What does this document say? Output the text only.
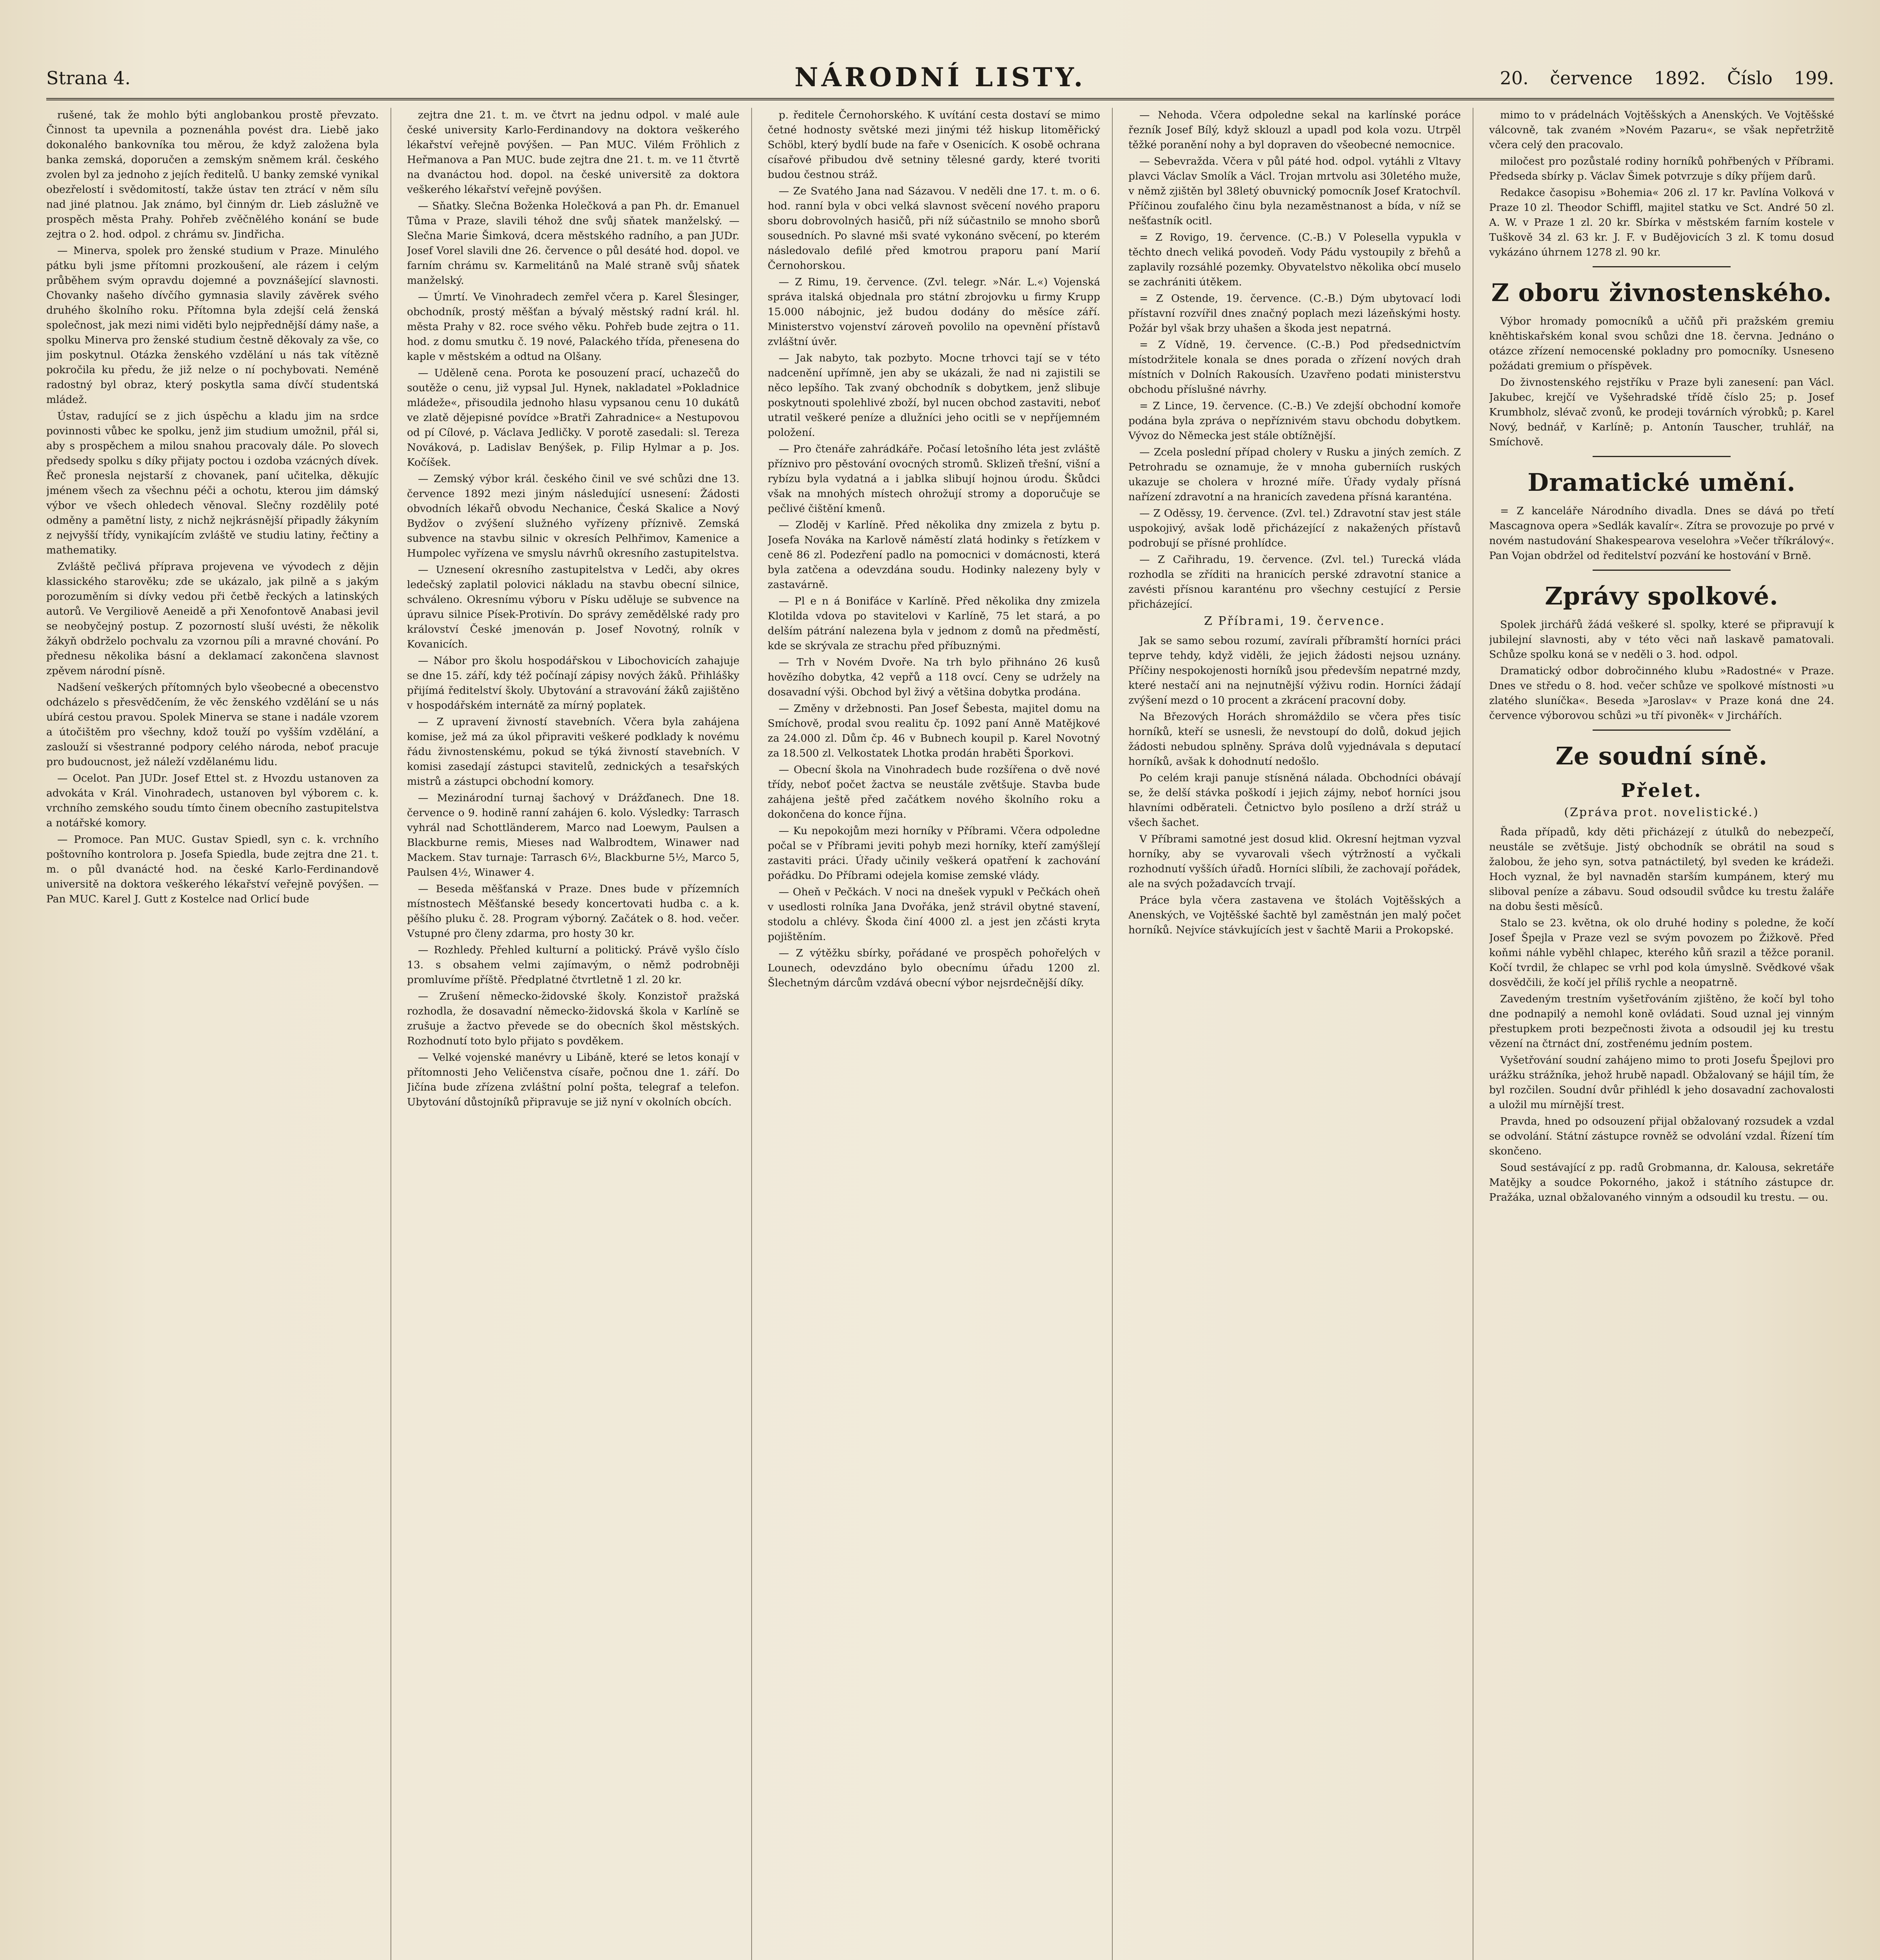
Strana 4.	NÁRODNÍ LISTY.	20. července 1892. Číslo 199.

rušené, tak že mohlo býti anglobankou prostě převzato. Činnost ta upevnila a poznenáhla povést dra. Liebě jako dokonalého bankovníka tou měrou, že když založena byla banka zemská, doporučen a zemským sněmem král. českého zvolen byl za jednoho z jejích ředitelů. U banky zemské vynikal obezřelostí i svědomitostí, takže ústav ten ztrácí v něm sílu nad jiné platnou. Jak známo, byl činným dr. Lieb záslužně ve prospěch města Prahy. Pohřeb zvěčnělého konání se bude zejtra o 2. hod. odpol. z chrámu sv. Jindřicha.

— Minerva, spolek pro ženské studium v Praze. Minulého pátku byli jsme přítomni prozkoušení, ale rázem i celým průběhem svým opravdu dojemné a povznášející slavnosti. Chovanky našeho dívčího gymnasia slavily závěrek svého druhého školního roku. Přítomna byla zdejší celá ženská společnost, jak mezi nimi viděti bylo nejpřednější dámy naše, a spolku Minerva pro ženské studium čestně děkovaly za vše, co jim poskytnul. Otázka ženského vzdělání u nás tak vítězně pokročila ku předu, že již nelze o ní pochybovati. Neméně radostný byl obraz, který poskytla sama dívčí studentská mládež.

Ústav, radující se z jich úspěchu a kladu jim na srdce povinnosti vůbec ke spolku, jenž jim studium umožnil, přál si, aby s prospěchem a milou snahou pracovaly dále. Po slovech předsedy spolku s díky přijaty poctou i ozdoba vzácných dívek. Řeč pronesla nejstarší z chovanek, paní učitelka, děkujíc jménem všech za všechnu péči a ochotu, kterou jim dámský výbor ve všech ohledech věnoval. Slečny rozdělily poté odměny a pamětní listy, z nichž nejkrásnější připadly žákyním z nejvyšší třídy, vynikajícím zvláště ve studiu latiny, řečtiny a mathematiky.

Zvláště pečlivá příprava projevena ve vývodech z dějin klassického starověku; zde se ukázalo, jak pilně a s jakým porozuměním si dívky vedou při četbě řeckých a latinských autorů. Ve Vergiliově Aeneidě a při Xenofontově Anabasi jevil se neobyčejný postup. Z pozorností sluší uvésti, že několik žákyň obdrželo pochvalu za vzornou píli a mravné chování. Po přednesu několika básní a deklamací zakončena slavnost zpěvem národní písně.

Nadšení veškerých přítomných bylo všeobecné a obecenstvo odcházelo s přesvědčením, že věc ženského vzdělání se u nás ubírá cestou pravou. Spolek Minerva se stane i nadále vzorem a útočištěm pro všechny, kdož touží po vyšším vzdělání, a zaslouží si všestranné podpory celého národa, neboť pracuje pro budoucnost, jež náleží vzdělanému lidu.

— Ocelot. Pan JUDr. Josef Ettel st. z Hvozdu ustanoven za advokáta v Král. Vinohradech, ustanoven byl výborem c. k. vrchního zemského soudu tímto činem obecního zastupitelstva a notářské komory.

— Promoce. Pan MUC. Gustav Spiedl, syn c. k. vrchního poštovního kontrolora p. Josefa Spiedla, bude zejtra dne 21. t. m. o půl dvanácté hod. na české Karlo-Ferdinandově universitě na doktora veškerého lékařství veřejně povýšen. — Pan MUC. Karel J. Gutt z Kostelce nad Orlicí bude

zejtra dne 21. t. m. ve čtvrt na jednu odpol. v malé aule české university Karlo-Ferdinandovy na doktora veškerého lékařství veřejně povýšen. — Pan MUC. Vilém Fröhlich z Heřmanova a Pan MUC. bude zejtra dne 21. t. m. ve 11 čtvrtě na dvanáctou hod. dopol. na české universitě za doktora veškerého lékařství veřejně povýšen.

— Sňatky. Slečna Boženka Holečková a pan Ph. dr. Emanuel Tůma v Praze, slavili téhož dne svůj sňatek manželský. — Slečna Marie Šimková, dcera městského radního, a pan JUDr. Josef Vorel slavili dne 26. července o půl desáté hod. dopol. ve farním chrámu sv. Karmelitánů na Malé straně svůj sňatek manželský.

— Úmrtí. Ve Vinohradech zemřel včera p. Karel Šlesinger, obchodník, prostý měšťan a bývalý městský radní král. hl. města Prahy v 82. roce svého věku. Pohřeb bude zejtra o 11. hod. z domu smutku č. 19 nové, Palackého třída, přenesena do kaple v městském a odtud na Olšany.

— Uděleně cena. Porota ke posouzení prací, uchazečů do soutěže o cenu, již vypsal Jul. Hynek, nakladatel »Pokladnice mládeže«, přisoudila jednoho hlasu vypsanou cenu 10 dukátů ve zlatě dějepisné povídce »Bratři Zahradnice« a Nestupovou od pí Cílové, p. Václava Jedličky. V porotě zasedali: sl. Tereza Nováková, p. Ladislav Benýšek, p. Filip Hylmar a p. Jos. Kočíšek.

— Zemský výbor král. českého činil ve své schůzi dne 13. července 1892 mezi jiným následující usnesení: Žádosti obvodních lékařů obvodu Nechanice, Česká Skalice a Nový Bydžov o zvýšení služného vyřízeny příznivě. Zemská subvence na stavbu silnic v okresích Pelhřimov, Kamenice a Humpolec vyřízena ve smyslu návrhů okresního zastupitelstva.

— Uznesení okresního zastupitelstva v Ledči, aby okres ledečský zaplatil polovici nákladu na stavbu obecní silnice, schváleno. Okresnímu výboru v Písku uděluje se subvence na úpravu silnice Písek-Protivín. Do správy zemědělské rady pro království České jmenován p. Josef Novotný, rolník v Kovanicích.

— Nábor pro školu hospodářskou v Libochovicích zahajuje se dne 15. září, kdy též počínají zápisy nových žáků. Přihlášky přijímá ředitelství školy. Ubytování a stravování žáků zajištěno v hospodářském internátě za mírný poplatek.

— Z upravení živností stavebních. Včera byla zahájena komise, jež má za úkol připraviti veškeré podklady k novému řádu živnostenskému, pokud se týká živností stavebních. V komisi zasedají zástupci stavitelů, zednických a tesařských mistrů a zástupci obchodní komory.

— Mezinárodní turnaj šachový v Drážďanech. Dne 18. července o 9. hodině ranní zahájen 6. kolo. Výsledky: Tarrasch vyhrál nad Schottländerem, Marco nad Loewym, Paulsen a Blackburne remis, Mieses nad Walbrodtem, Winawer nad Mackem. Stav turnaje: Tarrasch 6½, Blackburne 5½, Marco 5, Paulsen 4½, Winawer 4.

— Beseda měšťanská v Praze. Dnes bude v přízemních místnostech Měšťanské besedy koncertovati hudba c. a k. pěšího pluku č. 28. Program výborný. Začátek o 8. hod. večer. Vstupné pro členy zdarma, pro hosty 30 kr.

— Rozhledy. Přehled kulturní a politický. Právě vyšlo číslo 13. s obsahem velmi zajímavým, o němž podrobněji promluvíme příště. Předplatné čtvrtletně 1 zl. 20 kr.

— Zrušení německo-židovské školy. Konzistoř pražská rozhodla, že dosavadní německo-židovská škola v Karlíně se zrušuje a žactvo převede se do obecních škol městských. Rozhodnutí toto bylo přijato s povděkem.

— Velké vojenské manévry u Libáně, které se letos konají v přítomnosti Jeho Veličenstva císaře, počnou dne 1. září. Do Jičína bude zřízena zvláštní polní pošta, telegraf a telefon. Ubytování důstojníků připravuje se již nyní v okolních obcích.

p. ředitele Černohorského. K uvítání cesta dostaví se mimo četné hodnosty světské mezi jinými též hiskup litoměřický Schöbl, který bydlí bude na faře v Osenicích. K osobě ochrana císařové přibudou dvě setniny tělesné gardy, které tvoriti budou čestnou stráž.

— Ze Svatého Jana nad Sázavou. V neděli dne 17. t. m. o 6. hod. ranní byla v obci velká slavnost svěcení nového praporu sboru dobrovolných hasičů, při níž súčastnilo se mnoho sborů sousedních. Po slavné mši svaté vykonáno svěcení, po kterém následovalo defilé před kmotrou praporu paní Marií Černohorskou.

— Z Rimu, 19. července. (Zvl. telegr. »Nár. L.«) Vojenská správa italská objednala pro státní zbrojovku u firmy Krupp 15.000 nábojnic, jež budou dodány do měsíce září. Ministerstvo vojenství zároveň povolilo na opevnění přístavů zvláštní úvěr.

— Jak nabyto, tak pozbyto. Mocne trhovci tají se v této nadcenění upřímně, jen aby se ukázali, že nad ni zajistili se něco lepšího. Tak zvaný obchodník s dobytkem, jenž slibuje poskytnouti spolehlivé zboží, byl nucen obchod zastaviti, neboť utratil veškeré peníze a dlužníci jeho ocitli se v nepříjemném položení.

— Pro čtenáře zahrádkáře. Počasí letošního léta jest zvláště příznivo pro pěstování ovocných stromů. Sklizeň třešní, višní a rybízu byla vydatná a i jablka slibují hojnou úrodu. Škůdci však na mnohých místech ohrožují stromy a doporučuje se pečlivé čištění kmenů.

— Zloděj v Karlíně. Před několika dny zmizela z bytu p. Josefa Nováka na Karlově náměstí zlatá hodinky s řetízkem v ceně 86 zl. Podezření padlo na pomocnici v domácnosti, která byla zatčena a odevzdána soudu. Hodinky nalezeny byly v zastavárně.

— Pl e n á Bonifáce v Karlíně. Před několika dny zmizela Klotilda vdova po stavitelovi v Karlíně, 75 let stará, a po delším pátrání nalezena byla v jednom z domů na předměstí, kde se skrývala ze strachu před příbuznými.

— Trh v Novém Dvoře. Na trh bylo přihnáno 26 kusů hovězího dobytka, 42 vepřů a 118 ovcí. Ceny se udržely na dosavadní výši. Obchod byl živý a většina dobytka prodána.

— Změny v držebnosti. Pan Josef Šebesta, majitel domu na Smíchově, prodal svou realitu čp. 1092 paní Anně Matějkové za 24.000 zl. Dům čp. 46 v Bubnech koupil p. Karel Novotný za 18.500 zl. Velkostatek Lhotka prodán hraběti Šporkovi.

— Obecní škola na Vinohradech bude rozšířena o dvě nové třídy, neboť počet žactva se neustále zvětšuje. Stavba bude zahájena ještě před začátkem nového školního roku a dokončena do konce října.

— Ku nepokojům mezi horníky v Příbrami. Včera odpoledne počal se v Příbrami jeviti pohyb mezi horníky, kteří zamýšlejí zastaviti práci. Úřady učinily veškerá opatření k zachování pořádku. Do Příbrami odejela komise zemské vlády.

— Oheň v Pečkách. V noci na dnešek vypukl v Pečkách oheň v usedlosti rolníka Jana Dvořáka, jenž strávil obytné stavení, stodolu a chlévy. Škoda činí 4000 zl. a jest jen zčásti kryta pojištěním.

— Z výtěžku sbírky, pořádané ve prospěch pohořelých v Lounech, odevzdáno bylo obecnímu úřadu 1200 zl. Šlechetným dárcům vzdává obecní výbor nejsrdečnější díky.

— Nehoda. Včera odpoledne sekal na karlínské poráce řezník Josef Bílý, když sklouzl a upadl pod kola vozu. Utrpěl těžké poranění nohy a byl dopraven do všeobecné nemocnice.

— Sebevražda. Včera v půl páté hod. odpol. vytáhli z Vltavy plavci Václav Smolík a Václ. Trojan mrtvolu asi 30letého muže, v němž zjištěn byl 38letý obuvnický pomocník Josef Kratochvíl. Příčinou zoufalého činu byla nezaměstnanost a bída, v níž se nešťastník ocitl.

= Z Rovigo, 19. července. (C.-B.) V Polesella vypukla v těchto dnech veliká povodeň. Vody Pádu vystoupily z břehů a zaplavily rozsáhlé pozemky. Obyvatelstvo několika obcí muselo se zachrániti útěkem.

= Z Ostende, 19. července. (C.-B.) Dým ubytovací lodi přístavní rozvířil dnes značný poplach mezi lázeňskými hosty. Požár byl však brzy uhašen a škoda jest nepatrná.

= Z Vídně, 19. července. (C.-B.) Pod předsednictvím místodržitele konala se dnes porada o zřízení nových drah místních v Dolních Rakousích. Uzavřeno podati ministerstvu obchodu příslušné návrhy.

= Z Lince, 19. července. (C.-B.) Ve zdejší obchodní komoře podána byla zpráva o nepříznivém stavu obchodu dobytkem. Vývoz do Německa jest stále obtížnější.

— Zcela poslední případ cholery v Rusku a jiných zemích. Z Petrohradu se oznamuje, že v mnoha guberniích ruských ukazuje se cholera v hrozné míře. Úřady vydaly přísná nařízení zdravotní a na hranicích zavedena přísná karanténa.

— Z Oděssy, 19. července. (Zvl. tel.) Zdravotní stav jest stále uspokojivý, avšak lodě přicházející z nakažených přístavů podrobují se přísné prohlídce.

— Z Cařihradu, 19. července. (Zvl. tel.) Turecká vláda rozhodla se zříditi na hranicích perské zdravotní stanice a zavésti přísnou karanténu pro všechny cestující z Persie přicházející.

Z Příbrami, 19. července.

Jak se samo sebou rozumí, zavírali příbramští horníci práci teprve tehdy, když viděli, že jejich žádosti nejsou uznány. Příčiny nespokojenosti horníků jsou především nepatrné mzdy, které nestačí ani na nejnutnější výživu rodin. Horníci žádají zvýšení mezd o 10 procent a zkrácení pracovní doby.

Na Březových Horách shromáždilo se včera přes tisíc horníků, kteří se usnesli, že nevstoupí do dolů, dokud jejich žádosti nebudou splněny. Správa dolů vyjednávala s deputací horníků, avšak k dohodnutí nedošlo.

Po celém kraji panuje stísněná nálada. Obchodníci obávají se, že delší stávka poškodí i jejich zájmy, neboť horníci jsou hlavními odběrateli. Četnictvo bylo posíleno a drží stráž u všech šachet.

V Příbrami samotné jest dosud klid. Okresní hejtman vyzval horníky, aby se vyvarovali všech výtržností a vyčkali rozhodnutí vyšších úřadů. Horníci slíbili, že zachovají pořádek, ale na svých požadavcích trvají.

Práce byla včera zastavena ve štolách Vojtěšských a Anenských, ve Vojtěšské šachtě byl zaměstnán jen malý počet horníků. Nejvíce stávkujících jest v šachtě Marii a Prokopské.

mimo to v prádelnách Vojtěšských a Anenských. Ve Vojtěšské válcovně, tak zvaném »Novém Pazaru«, se však nepřetržitě včera celý den pracovalo.

miločest pro pozůstalé rodiny horníků pohřbených v Příbrami. Předseda sbírky p. Václav Šimek potvrzuje s díky příjem darů.

Redakce časopisu »Bohemia« 206 zl. 17 kr. Pavlína Volková v Praze 10 zl. Theodor Schiffl, majitel statku ve Sct. André 50 zl. A. W. v Praze 1 zl. 20 kr. Sbírka v městském farním kostele v Tuškově 34 zl. 63 kr. J. F. v Budějovicích 3 zl. K tomu dosud vykázáno úhrnem 1278 zl. 90 kr.

Z oboru živnostenského.

Výbor hromady pomocníků a učňů při pražském gremiu kněhtiskařském konal svou schůzi dne 18. června. Jednáno o otázce zřízení nemocenské pokladny pro pomocníky. Usneseno požádati gremium o příspěvek.

Do živnostenského rejstříku v Praze byli zanesení: pan Václ. Jakubec, krejčí ve Vyšehradské třídě číslo 25; p. Josef Krumbholz, slévač zvonů, ke prodeji továrních výrobků; p. Karel Nový, bednář, v Karlíně; p. Antonín Tauscher, truhlář, na Smíchově.

Dramatické umění.

= Z kanceláře Národního divadla. Dnes se dává po třetí Mascagnova opera »Sedlák kavalír«. Zítra se provozuje po prvé v novém nastudování Shakespearova veselohra »Večer tříkrálový«. Pan Vojan obdržel od ředitelství pozvání ke hostování v Brně.

Zprávy spolkové.

Spolek jirchářů žádá veškeré sl. spolky, které se připravují k jubilejní slavnosti, aby v této věci naň laskavě pamatovali. Schůze spolku koná se v neděli o 3. hod. odpol.

Dramatický odbor dobročinného klubu »Radostné« v Praze. Dnes ve středu o 8. hod. večer schůze ve spolkové místnosti »u zlatého sluníčka«. Beseda »Jaroslav« v Praze koná dne 24. července výborovou schůzi »u tří pivoněk« v Jirchářích.

Ze soudní síně.
Přelet.
(Zpráva prot. novelistické.)

Řada případů, kdy děti přicházejí z útulků do nebezpečí, neustále se zvětšuje. Jistý obchodník se obrátil na soud s žalobou, že jeho syn, sotva patnáctiletý, byl sveden ke krádeži. Hoch vyznal, že byl navnaděn starším kumpánem, který mu sliboval peníze a zábavu. Soud odsoudil svůdce ku trestu žaláře na dobu šesti měsíců.

Stalo se 23. května, ok olo druhé hodiny s poledne, že kočí Josef Špejla v Praze vezl se svým povozem po Žižkově. Před koňmi náhle vyběhl chlapec, kterého kůň srazil a těžce poranil. Kočí tvrdil, že chlapec se vrhl pod kola úmyslně. Svědkové však dosvědčili, že kočí jel příliš rychle a neopatrně.

Zavedeným trestním vyšetřováním zjištěno, že kočí byl toho dne podnapilý a nemohl koně ovládati. Soud uznal jej vinným přestupkem proti bezpečnosti života a odsoudil jej ku trestu vězení na čtrnáct dní, zostřenému jedním postem.

Vyšetřování soudní zahájeno mimo to proti Josefu Špejlovi pro urážku strážníka, jehož hrubě napadl. Obžalovaný se hájil tím, že byl rozčilen. Soudní dvůr přihlédl k jeho dosavadní zachovalosti a uložil mu mírnější trest.

Pravda, hned po odsouzení přijal obžalovaný rozsudek a vzdal se odvolání. Státní zástupce rovněž se odvolání vzdal. Řízení tím skončeno.

Soud sestávající z pp. radů Grobmanna, dr. Kalousa, sekretáře Matějky a soudce Pokorného, jakož i státního zástupce dr. Pražáka, uznal obžalovaného vinným a odsoudil ku trestu. — ou.
